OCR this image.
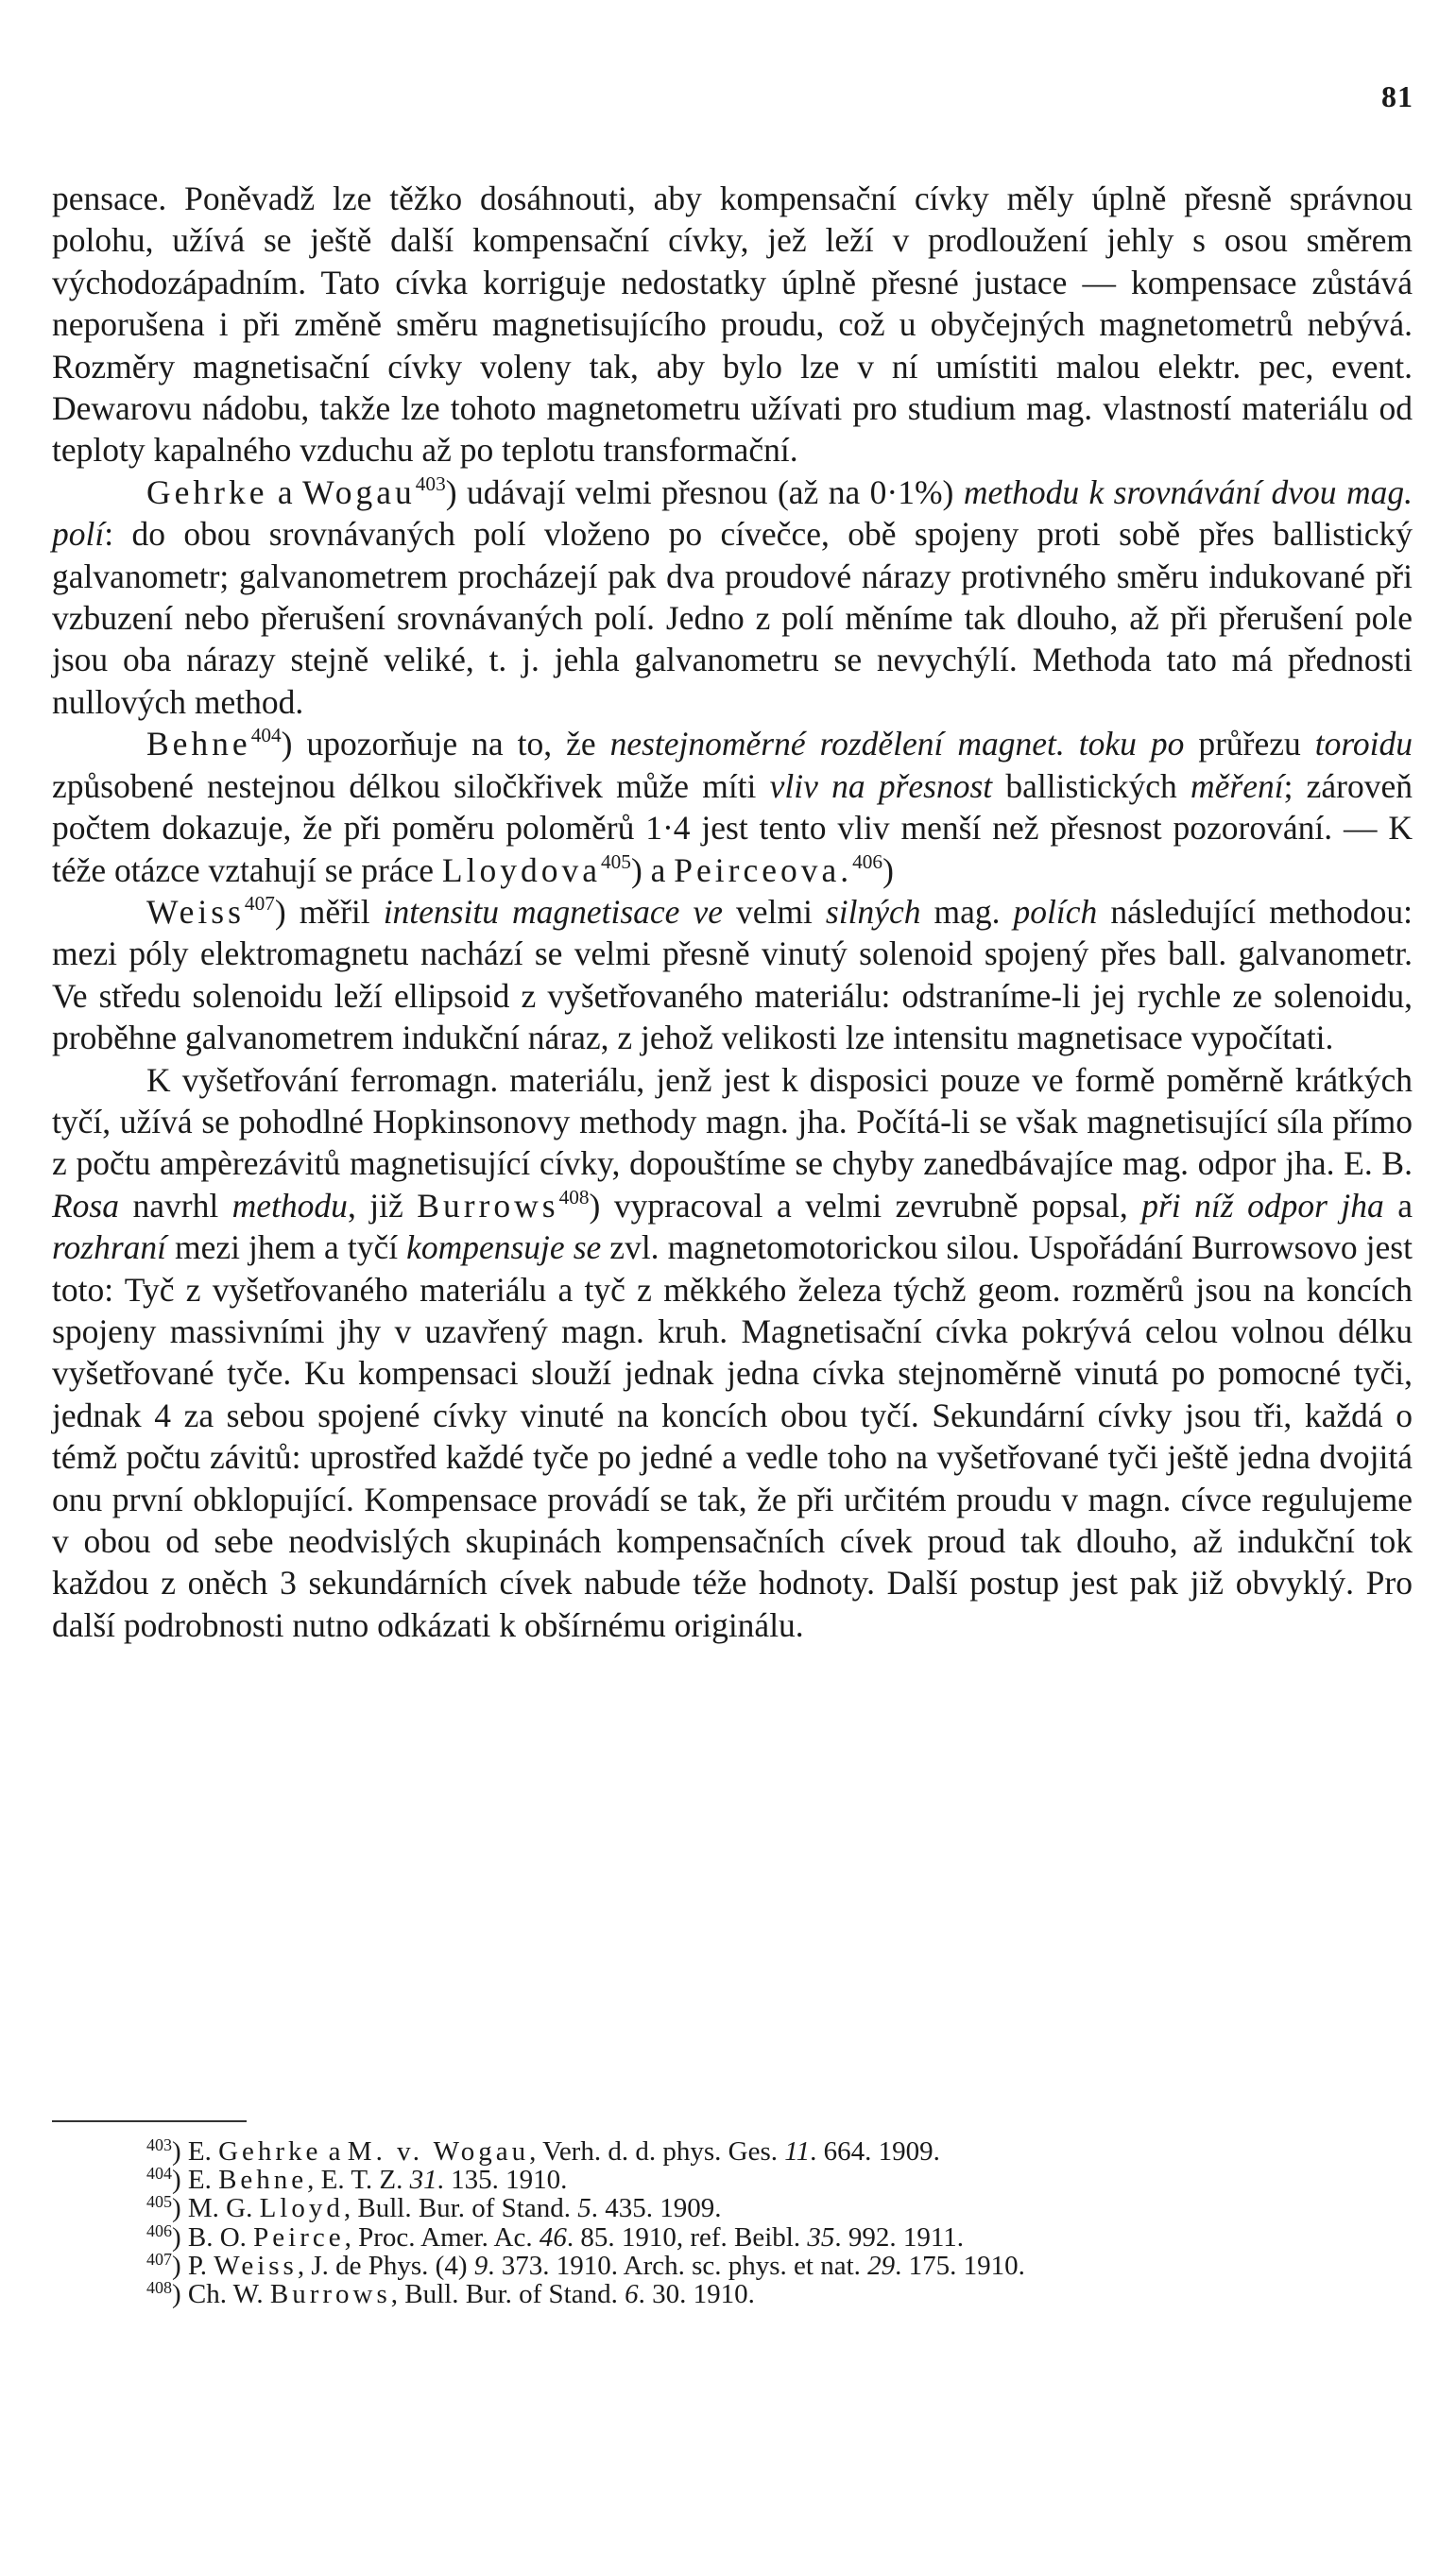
81

pensace. Poněvadž lze těžko dosáhnouti, aby kompensační cívky měly úplně přesně správnou polohu, užívá se ještě další kompensační cívky, jež leží v prodloužení jehly s osou směrem východozápadním. Tato cívka korriguje nedostatky úplně přesné justace — kompensace zůstává neporušena i při změně směru magnetisujícího proudu, což u obyčejných magnetometrů nebývá. Rozměry magnetisační cívky voleny tak, aby bylo lze v ní umístiti malou elektr. pec, event. Dewarovu nádobu, takže lze tohoto magnetometru užívati pro studium mag. vlastností materiálu od teploty kapalného vzduchu až po teplotu transformační.

Gehrke a Wogau$^{403}$) udávají velmi přesnou (až na 0·1%) methodu k srovnávání dvou mag. polí: do obou srovnávaných polí vloženo po cívečce, obě spojeny proti sobě přes ballistický galvanometr; galvanometrem procházejí pak dva proudové nárazy protivného směru indukované při vzbuzení nebo přerušení srovnávaných polí. Jedno z polí měníme tak dlouho, až při přerušení pole jsou oba nárazy stejně veliké, t. j. jehla galvanometru se nevychýlí. Methoda tato má přednosti nullových method.

Behne$^{404}$) upozorňuje na to, že nestejnoměrné rozdělení magnet. toku po průřezu toroidu způsobené nestejnou délkou siločkřivek může míti vliv na přesnost ballistických měření; zároveň počtem dokazuje, že při poměru poloměrů 1·4 jest tento vliv menší než přesnost pozorování. — K téže otázce vztahují se práce Lloydova$^{405}$) a Peirceova.$^{406}$)

Weiss$^{407}$) měřil intensitu magnetisace ve velmi silných mag. polích následující methodou: mezi póly elektromagnetu nachází se velmi přesně vinutý solenoid spojený přes ball. galvanometr. Ve středu solenoidu leží ellipsoid z vyšetřovaného materiálu: odstraníme-li jej rychle ze solenoidu, proběhne galvanometrem indukční náraz, z jehož velikosti lze intensitu magnetisace vypočítati.

K vyšetřování ferromagn. materiálu, jenž jest k disposici pouze ve formě poměrně krátkých tyčí, užívá se pohodlné Hopkinsonovy methody magn. jha. Počítá-li se však magnetisující síla přímo z počtu ampèrezávitů magnetisující cívky, dopouštíme se chyby zanedbávajíce mag. odpor jha. E. B. Rosa navrhl methodu, již Burrows$^{408}$) vypracoval a velmi zevrubně popsal, při níž odpor jha a rozhraní mezi jhem a tyčí kompensuje se zvl. magnetomotorickou silou. Uspořádání Burrowsovo jest toto: Tyč z vyšetřovaného materiálu a tyč z měkkého železa týchž geom. rozměrů jsou na koncích spojeny massivními jhy v uzavřený magn. kruh. Magnetisační cívka pokrývá celou volnou délku vyšetřované tyče. Ku kompensaci slouží jednak jedna cívka stejnoměrně vinutá po pomocné tyči, jednak 4 za sebou spojené cívky vinuté na koncích obou tyčí. Sekundární cívky jsou tři, každá o témž počtu závitů: uprostřed každé tyče po jedné a vedle toho na vyšetřované tyči ještě jedna dvojitá onu první obklopující. Kompensace provádí se tak, že při určitém proudu v magn. cívce regulujeme v obou od sebe neodvislých skupinách kompensačních cívek proud tak dlouho, až indukční tok každou z oněch 3 sekundárních cívek nabude téže hodnoty. Další postup jest pak již obvyklý. Pro další podrobnosti nutno odkázati k obšírnému originálu.

$^{403}$) E. Gehrke a M. v. Wogau, Verh. d. d. phys. Ges. 11. 664. 1909.

$^{404}$) E. Behne, E. T. Z. 31. 135. 1910.

$^{405}$) M. G. Lloyd, Bull. Bur. of Stand. 5. 435. 1909.

$^{406}$) B. O. Peirce, Proc. Amer. Ac. 46. 85. 1910, ref. Beibl. 35. 992. 1911.

$^{407}$) P. Weiss, J. de Phys. (4) 9. 373. 1910. Arch. sc. phys. et nat. 29. 175. 1910.

$^{408}$) Ch. W. Burrows, Bull. Bur. of Stand. 6. 30. 1910.
